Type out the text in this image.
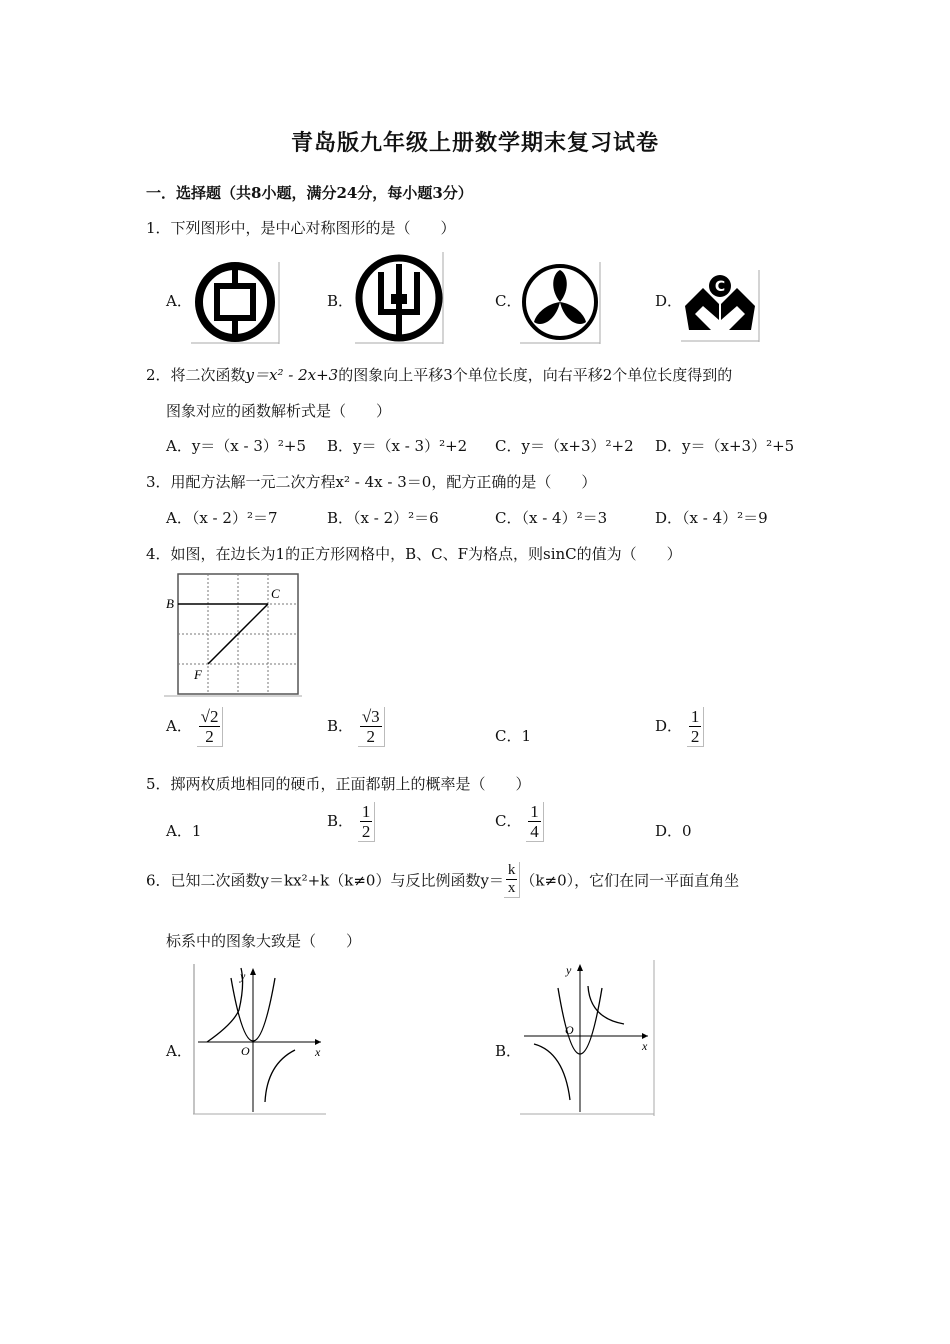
青岛版九年级上册数学期末复习试卷
一．选择题（共8小题，满分24分，每小题3分）
1．下列图形中，是中心对称图形的是（　　）
A．	B．	C．	D．
C
2．将二次函数y＝x² - 2x+3的图象向上平移3个单位长度，向右平移2个单位长度得到的
图象对应的函数解析式是（　　）
A．y＝（x - 3）²+5 B．y＝（x - 3）²+2 C．y＝（x+3）²+2 D．y＝（x+3）²+5
3．用配方法解一元二次方程x² - 4x - 3＝0，配方正确的是（　　）
A．（x - 2）²＝7	B．（x - 2）²＝6	C．（x - 4）²＝3	D．（x - 4）²＝9
4．如图，在边长为1的正方形网格中，B、C、F为格点，则sinC的值为（　　）
B
C
F
A． $\frac{√2}{2}$	B． $\frac{√3}{2}$	C．1
D． $\frac{1}{2}$
5．掷两枚质地相同的硬币，正面都朝上的概率是（　　）
A．1
B． $\frac{1}{2}$	C． $\frac{1}{4}$	D．0
6．已知二次函数y＝kx²+k（k≠0）与反比例函数$y= \frac{k}{x} (k\ne 0)$，它们在同一平面直角坐
标系中的图象大致是（　　）
A．	B．
y
x
O
y
x
O
